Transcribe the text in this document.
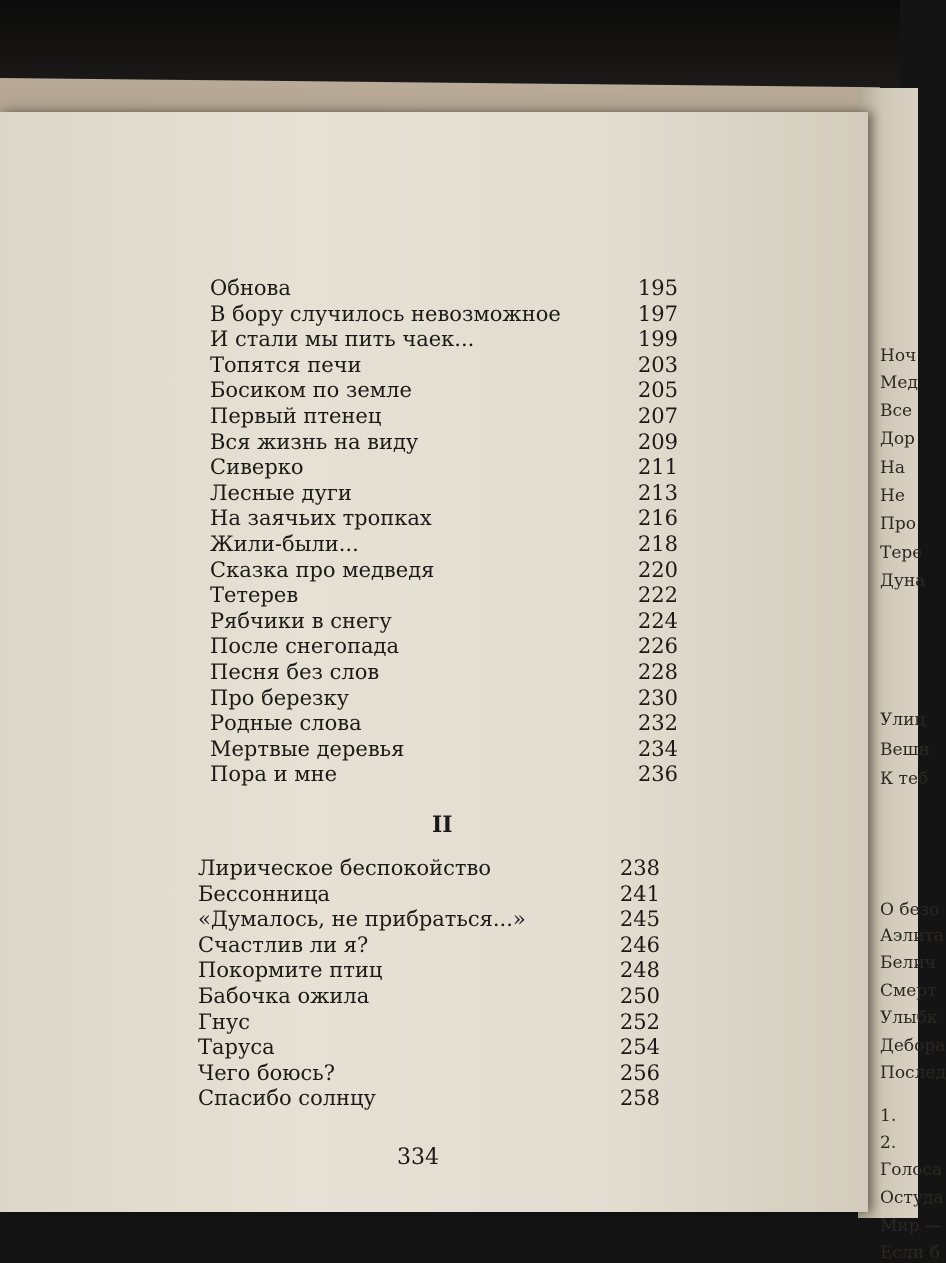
Ноч
Мед
Все
Дор
На
Не
Про
Тере
Дуна
Улиц
Вешн
К теб
О безо
Аэлита
Белич
Смерт
Улыбк
Дебора
Послед
1.
2.
Голоса
Остуда
Мир —
Если б
Обнова	195
В бору случилось невозможное	197
И стали мы пить чаек...	199
Топятся печи	203
Босиком по земле	205
Первый птенец	207
Вся жизнь на виду	209
Сиверко	211
Лесные дуги	213
На заячьих тропках	216
Жили-были...	218
Сказка про медведя	220
Тетерев	222
Рябчики в снегу	224
После снегопада	226
Песня без слов	228
Про березку	230
Родные слова	232
Мертвые деревья	234
Пора и мне	236
II
Лирическое беспокойство	238
Бессонница	241
«Думалось, не прибраться...»	245
Счастлив ли я?	246
Покормите птиц	248
Бабочка ожила	250
Гнус	252
Таруса	254
Чего боюсь?	256
Спасибо солнцу	258
334
